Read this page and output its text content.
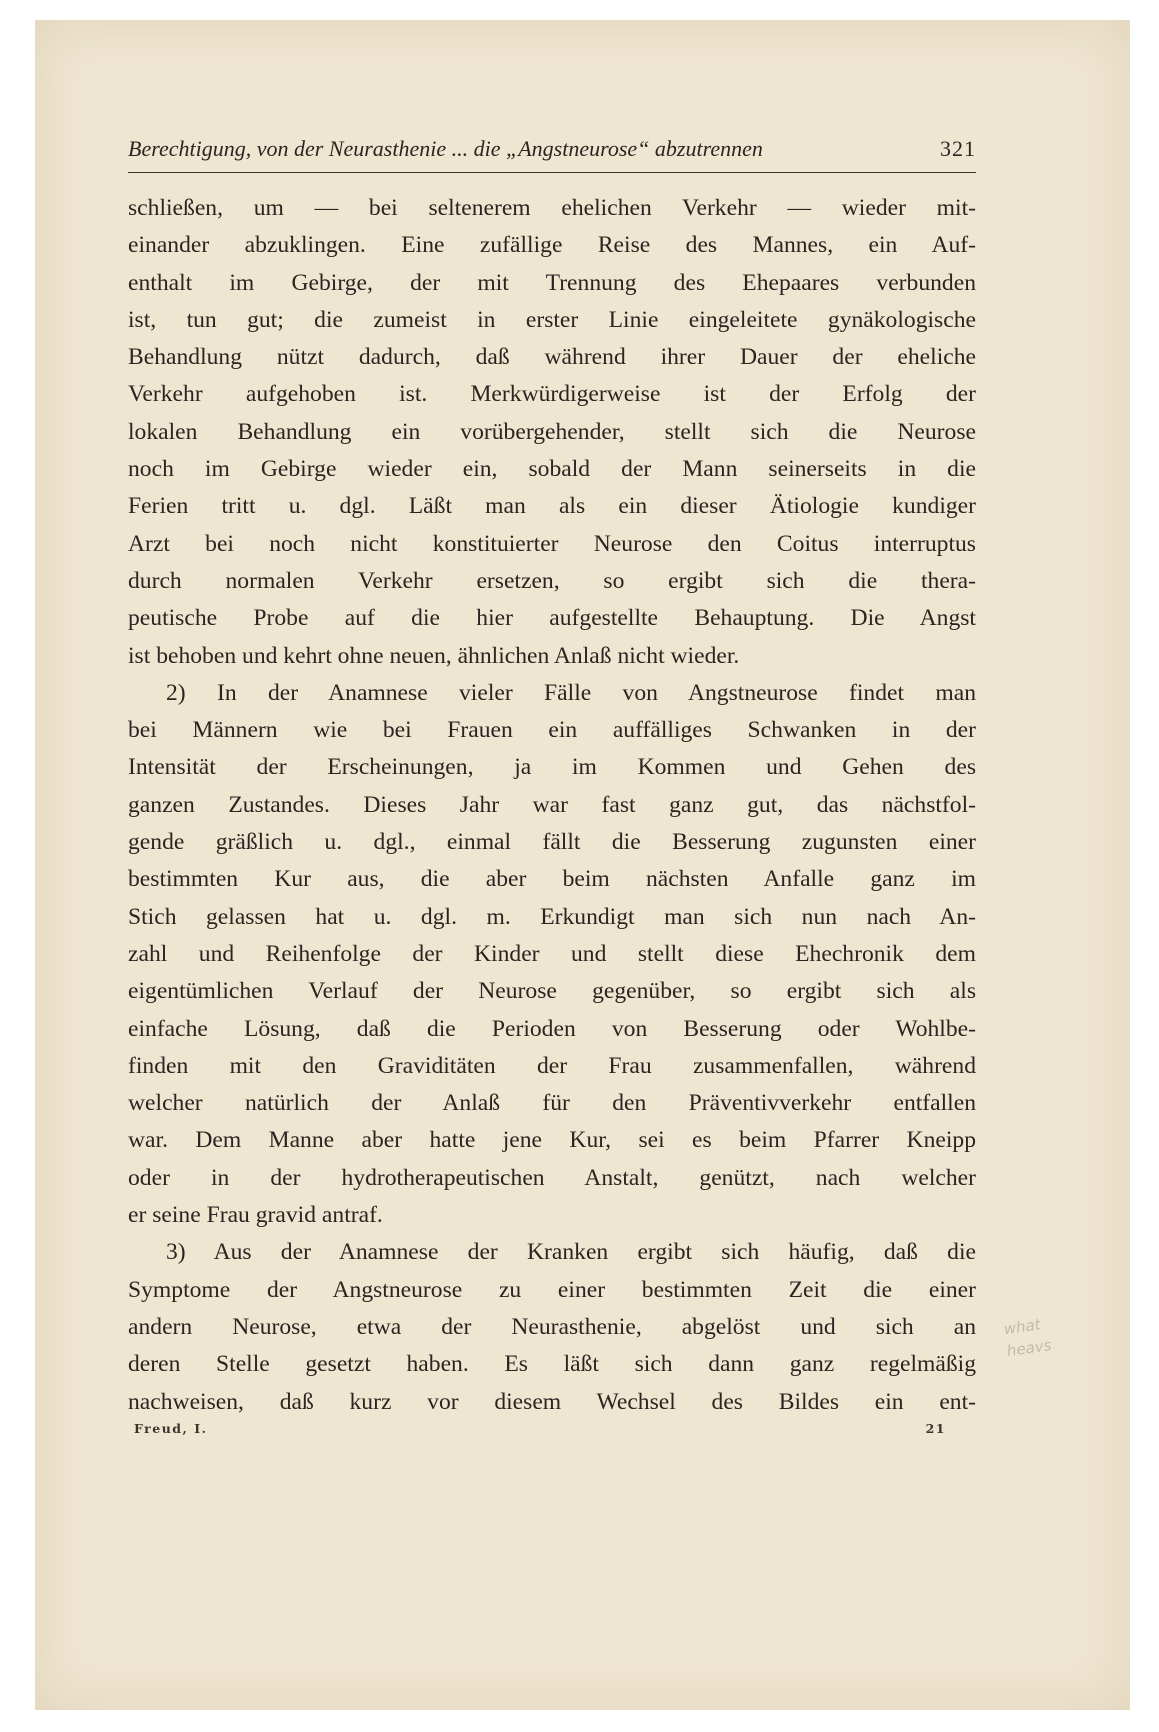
Berechtigung, von der Neurasthenie ... die „Angstneurose“ abzutrennen	321
schließen, um — bei seltenerem ehelichen Verkehr — wieder mit-
einander abzuklingen. Eine zufällige Reise des Mannes, ein Auf-
enthalt im Gebirge, der mit Trennung des Ehepaares verbunden
ist, tun gut; die zumeist in erster Linie eingeleitete gynäkologische
Behandlung nützt dadurch, daß während ihrer Dauer der eheliche
Verkehr aufgehoben ist. Merkwürdigerweise ist der Erfolg der
lokalen Behandlung ein vorübergehender, stellt sich die Neurose
noch im Gebirge wieder ein, sobald der Mann seinerseits in die
Ferien tritt u. dgl. Läßt man als ein dieser Ätiologie kundiger
Arzt bei noch nicht konstituierter Neurose den Coitus interruptus
durch normalen Verkehr ersetzen, so ergibt sich die thera-
peutische Probe auf die hier aufgestellte Behauptung. Die Angst
ist behoben und kehrt ohne neuen, ähnlichen Anlaß nicht wieder.
2) In der Anamnese vieler Fälle von Angstneurose findet man
bei Männern wie bei Frauen ein auffälliges Schwanken in der
Intensität der Erscheinungen, ja im Kommen und Gehen des
ganzen Zustandes. Dieses Jahr war fast ganz gut, das nächstfol-
gende gräßlich u. dgl., einmal fällt die Besserung zugunsten einer
bestimmten Kur aus, die aber beim nächsten Anfalle ganz im
Stich gelassen hat u. dgl. m. Erkundigt man sich nun nach An-
zahl und Reihenfolge der Kinder und stellt diese Ehechronik dem
eigentümlichen Verlauf der Neurose gegenüber, so ergibt sich als
einfache Lösung, daß die Perioden von Besserung oder Wohlbe-
finden mit den Graviditäten der Frau zusammenfallen, während
welcher natürlich der Anlaß für den Präventivverkehr entfallen
war. Dem Manne aber hatte jene Kur, sei es beim Pfarrer Kneipp
oder in der hydrotherapeutischen Anstalt, genützt, nach welcher
er seine Frau gravid antraf.
3) Aus der Anamnese der Kranken ergibt sich häufig, daß die
Symptome der Angstneurose zu einer bestimmten Zeit die einer
andern Neurose, etwa der Neurasthenie, abgelöst und sich an
deren Stelle gesetzt haben. Es läßt sich dann ganz regelmäßig
nachweisen, daß kurz vor diesem Wechsel des Bildes ein ent-
Freud, I.	21
what
heavs
